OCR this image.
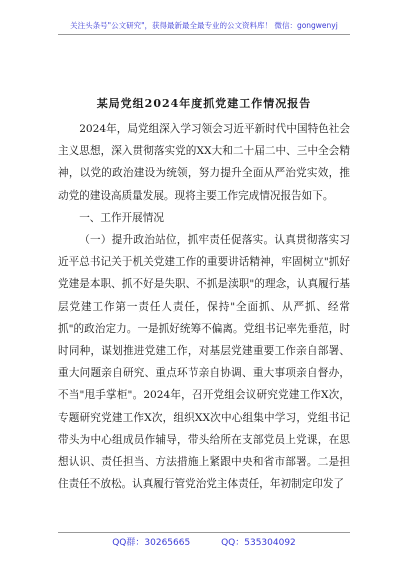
关注头条号"公文研究"，获得最新最全最专业的公文资料库！ 微信：gongwenyj
某局党组2024年度抓党建工作情况报告

2024年，局党组深入学习领会习近平新时代中国特色社会主义思想，深入贯彻落实党的XX大和二十届二中、三中全会精神，以党的政治建设为统领，努力提升全面从严治党实效，推动党的建设高质量发展。现将主要工作完成情况报告如下。

一、工作开展情况

（一）提升政治站位，抓牢责任促落实。认真贯彻落实习近平总书记关于机关党建工作的重要讲话精神，牢固树立"抓好党建是本职、抓不好是失职、不抓是渎职"的理念，认真履行基层党建工作第一责任人责任，保持"全面抓、从严抓、经常抓"的政治定力。一是抓好统筹不偏离。党组书记率先垂范，时时同种，谋划推进党建工作，对基层党建重要工作亲自部署、重大问题亲自研究、重点环节亲自协调、重大事项亲自督办，不当"甩手掌柜"。2024年，召开党组会议研究党建工作X次，专题研究党建工作X次，组织XX次中心组集中学习，党组书记带头为中心组成员作辅导，带头给所在支部党员上党课，在思想认识、责任担当、方法措施上紧跟中央和省市部署。二是担住责任不放松。认真履行管党治党主体责任，年初制定印发了

QQ群：30265665	QQ：535304092
